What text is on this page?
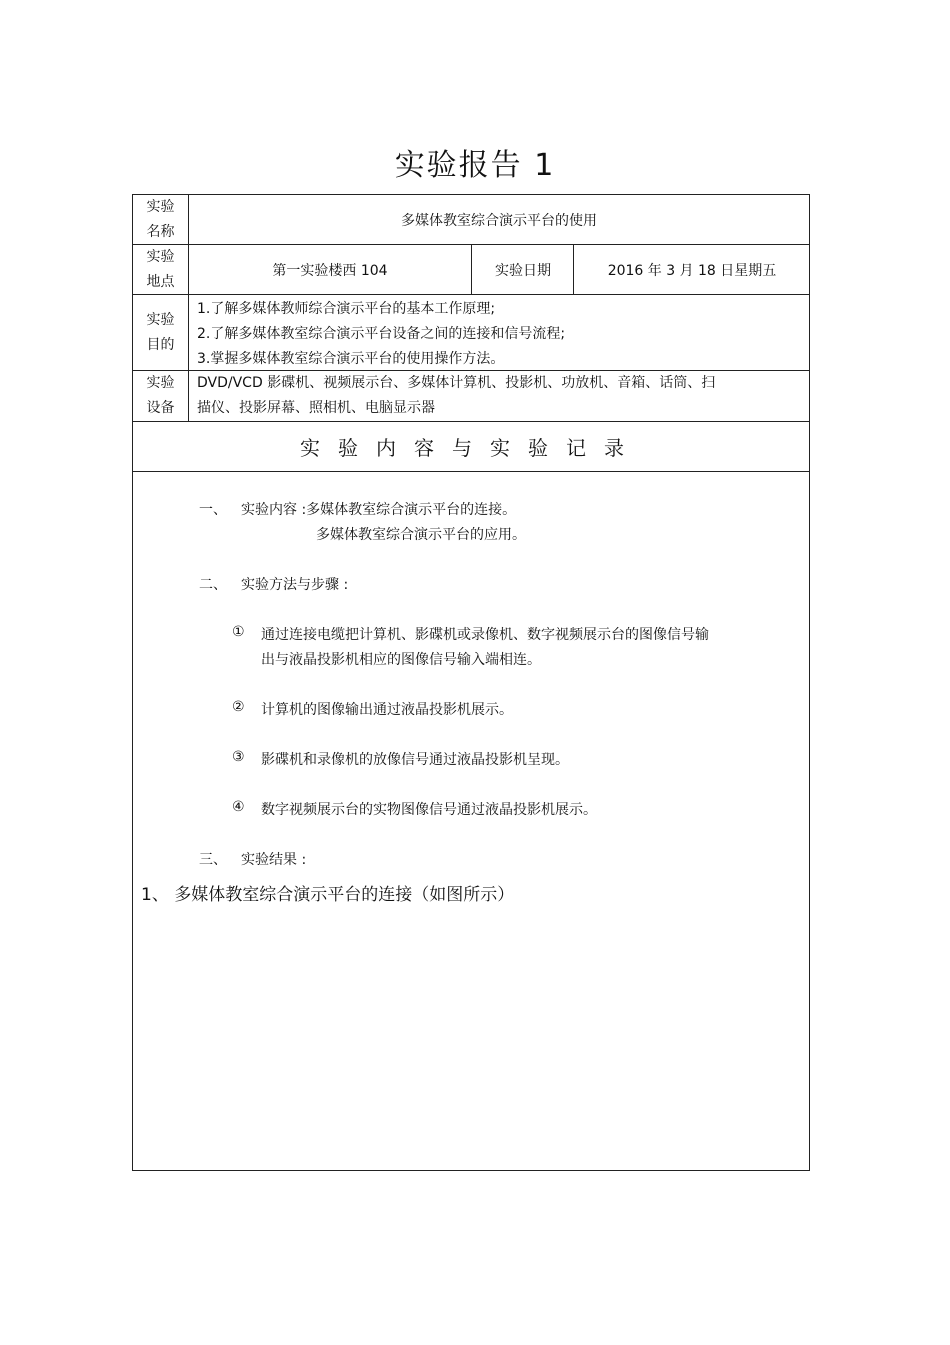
实验报告 1
实验
名称
多媒体教室综合演示平台的使用
实验
地点
第一实验楼西 104	实验日期	2016 年 3 月 18 日星期五
实验
目的
1.了解多媒体教师综合演示平台的基本工作原理;
2.了解多媒体教室综合演示平台设备之间的连接和信号流程;
3.掌握多媒体教室综合演示平台的使用操作方法。
实验
设备
DVD/VCD 影碟机、视频展示台、多媒体计算机、投影机、功放机、音箱、话筒、扫
描仪、投影屏幕、照相机、电脑显示器
实验内容与实验记录
一、 实验内容 :多媒体教室综合演示平台的连接。
多媒体教室综合演示平台的应用。
二、 实验方法与步骤 :
① 通过连接电缆把计算机、影碟机或录像机、数字视频展示台的图像信号输
出与液晶投影机相应的图像信号输入端相连。
② 计算机的图像输出通过液晶投影机展示。
③ 影碟机和录像机的放像信号通过液晶投影机呈现。
④ 数字视频展示台的实物图像信号通过液晶投影机展示。
三、 实验结果 :
1、 多媒体教室综合演示平台的连接（如图所示）
